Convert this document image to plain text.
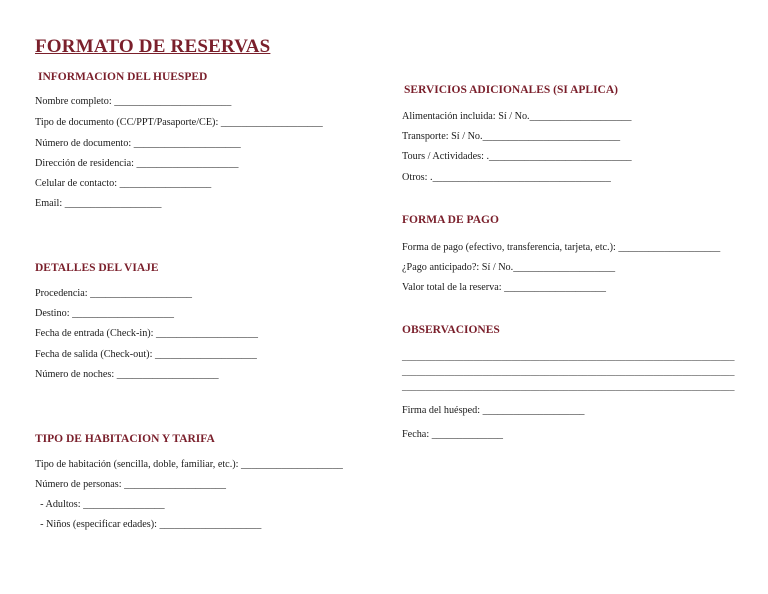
FORMATO DE RESERVAS
INFORMACION DEL HUESPED
Nombre completo: _______________________
Tipo de documento (CC/PPT/Pasaporte/CE): ____________________
Número de documento: _____________________
Dirección de residencia: ____________________
Celular de contacto: __________________
Email: ___________________
DETALLES DEL VIAJE
Procedencia: ____________________
Destino: ____________________
Fecha de entrada (Check-in): ____________________
Fecha de salida (Check-out): ____________________
Número de noches: ____________________
TIPO DE HABITACION Y TARIFA
Tipo de habitación (sencilla, doble, familiar, etc.): ____________________
Número de personas: ____________________
- Adultos: ________________
- Niños (especificar edades): ____________________
SERVICIOS ADICIONALES (SI APLICA)
Alimentación incluida: Sí / No.____________________
Transporte: Sí / No.___________________________
Tours / Actividades: .____________________________
Otros: .___________________________________
FORMA DE PAGO
Forma de pago (efectivo, transferencia, tarjeta, etc.): ____________________
¿Pago anticipado?: Sí / No.____________________
Valor total de la reserva: ____________________
OBSERVACIONES
______________________________________________________________________
______________________________________________________________________
______________________________________________________________________
Firma del huésped: ____________________
Fecha: ______________
